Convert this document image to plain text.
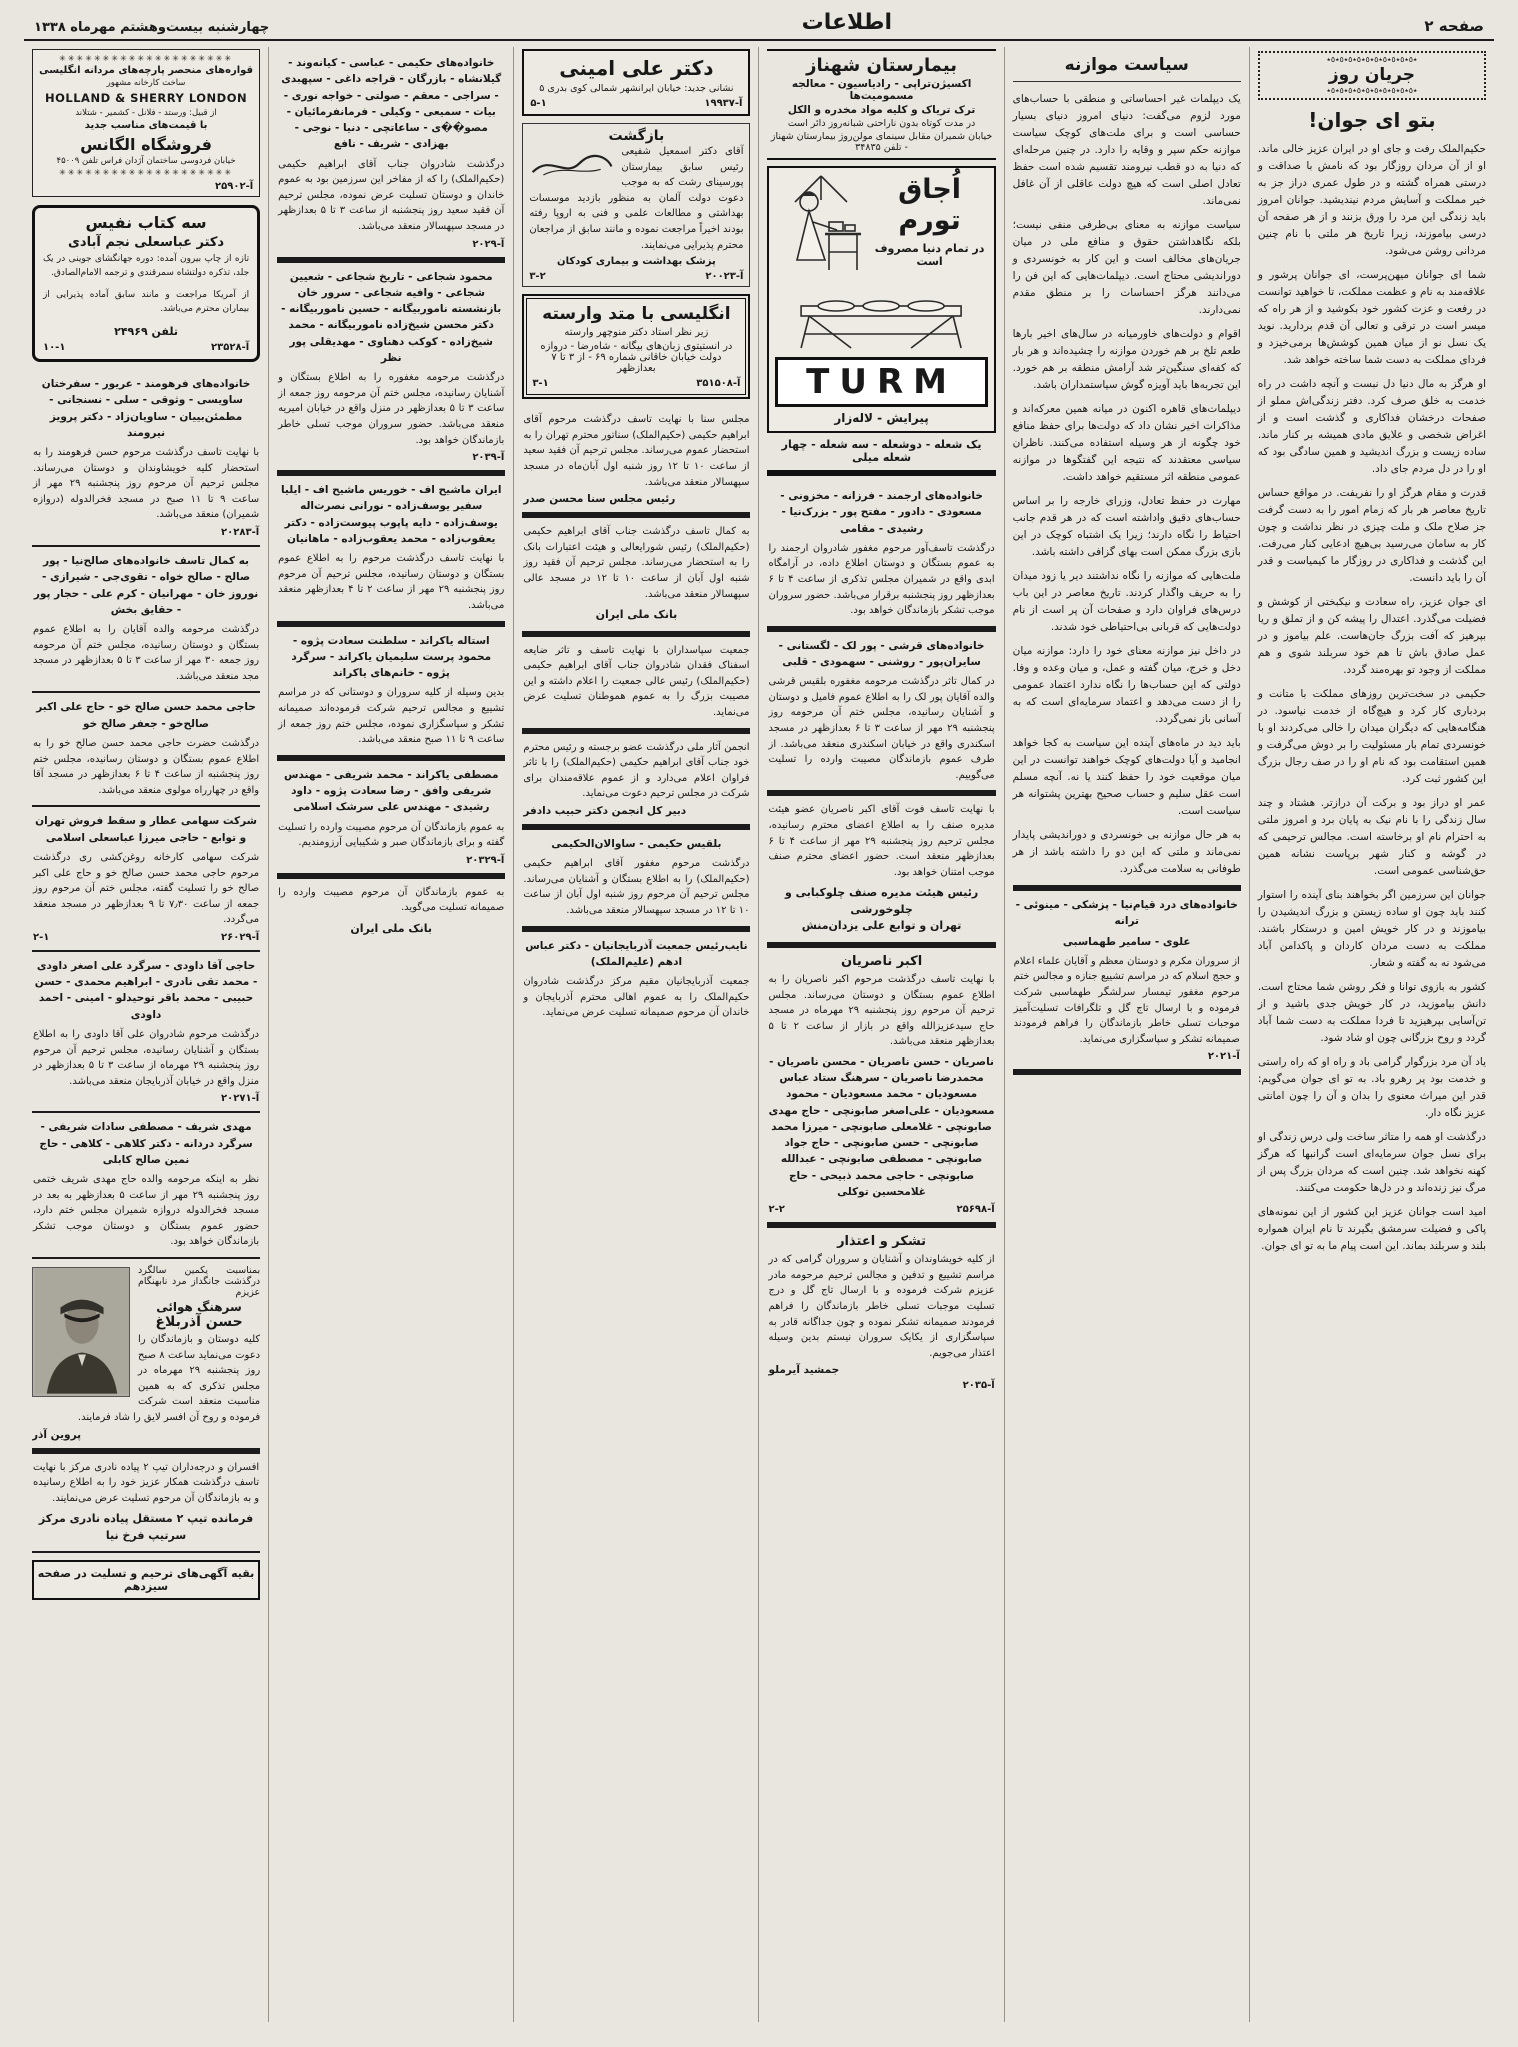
صفحه ۲
اطلاعات
چهارشنبه بیست‌وهشتم مهرماه ۱۳۳۸
٭٥٭٥٭٥٭٥٭٥٭٥٭٥٭٥٭٥٭٥٭
جریان روز
٭٥٭٥٭٥٭٥٭٥٭٥٭٥٭٥٭٥٭٥٭
بتو ای جوان!

حکیم‌الملک رفت و جای او در ایران عزیز خالی ماند. او از آن مردان روزگار بود که نامش با صداقت و درستی همراه گشته و در طول عمری دراز جز به خیر مملکت و آسایش مردم نیندیشید. جوانان امروز باید زندگی این مرد را ورق بزنند و از هر صفحه آن درسی بیاموزند، زیرا تاریخ هر ملتی با نام چنین مردانی روشن می‌شود.

شما ای جوانان میهن‌پرست، ای جوانان پرشور و علاقه‌مند به نام و عظمت مملکت، تا خواهید توانست در رفعت و عزت کشور خود بکوشید و از هر راه که میسر است در ترقی و تعالی آن قدم بردارید. نوید یک نسل نو از میان همین کوشش‌ها برمی‌خیزد و فردای مملکت به دست شما ساخته خواهد شد.

او هرگز به مال دنیا دل نبست و آنچه داشت در راه خدمت به خلق صرف کرد. دفتر زندگی‌اش مملو از صفحات درخشان فداکاری و گذشت است و از اغراض شخصی و علایق مادی همیشه بر کنار ماند. ساده زیست و بزرگ اندیشید و همین سادگی بود که او را در دل مردم جای داد.

قدرت و مقام هرگز او را نفریفت. در مواقع حساس تاریخ معاصر هر بار که زمام امور را به دست گرفت جز صلاح ملک و ملت چیزی در نظر نداشت و چون کار به سامان می‌رسید بی‌هیچ ادعایی کنار می‌رفت. این گذشت و فداکاری در روزگار ما کیمیاست و قدر آن را باید دانست.

ای جوان عزیز، راه سعادت و نیکبختی از کوشش و فضیلت می‌گذرد. اعتدال را پیشه کن و از تملق و ریا بپرهیز که آفت بزرگ جان‌هاست. علم بیاموز و در عمل صادق باش تا هم خود سربلند شوی و هم مملکت از وجود تو بهره‌مند گردد.

حکیمی در سخت‌ترین روزهای مملکت با متانت و بردباری کار کرد و هیچ‌گاه از خدمت نیاسود. در هنگامه‌هایی که دیگران میدان را خالی می‌کردند او با خونسردی تمام بار مسئولیت را بر دوش می‌گرفت و همین استقامت بود که نام او را در صف رجال بزرگ این کشور ثبت کرد.

عمر او دراز بود و برکت آن درازتر. هشتاد و چند سال زندگی را با نام نیک به پایان برد و امروز ملتی به احترام نام او برخاسته است. مجالس ترحیمی که در گوشه و کنار شهر برپاست نشانه همین حق‌شناسی عمومی است.

جوانان این سرزمین اگر بخواهند بنای آینده را استوار کنند باید چون او ساده زیستن و بزرگ اندیشیدن را بیاموزند و در کار خویش امین و درستکار باشند. مملکت به دست مردان کاردان و پاکدامن آباد می‌شود نه به گفته و شعار.

کشور به بازوی توانا و فکر روشن شما محتاج است. دانش بیاموزید، در کار خویش جدی باشید و از تن‌آسایی بپرهیزید تا فردا مملکت به دست شما آباد گردد و روح بزرگانی چون او شاد شود.

یاد آن مرد بزرگوار گرامی باد و راه او که راه راستی و خدمت بود پر رهرو باد. به تو ای جوان می‌گویم: قدر این میراث معنوی را بدان و آن را چون امانتی عزیز نگاه دار.

درگذشت او همه را متاثر ساخت ولی درس زندگی او برای نسل جوان سرمایه‌ای است گرانبها که هرگز کهنه نخواهد شد. چنین است که مردان بزرگ پس از مرگ نیز زنده‌اند و در دل‌ها حکومت می‌کنند.

امید است جوانان عزیز این کشور از این نمونه‌های پاکی و فضیلت سرمشق بگیرند تا نام ایران همواره بلند و سربلند بماند. این است پیام ما به تو ای جوان.

سیاست موازنه

یک دیپلمات غیر احساساتی و منطقی با حساب‌های مورد لزوم می‌گفت: دنیای امروز دنیای بسیار حساسی است و برای ملت‌های کوچک سیاست موازنه حکم سپر و وقایه را دارد. در چنین مرحله‌ای که دنیا به دو قطب نیرومند تقسیم شده است حفظ تعادل اصلی است که هیچ دولت عاقلی از آن غافل نمی‌ماند.

سیاست موازنه به معنای بی‌طرفی منفی نیست؛ بلکه نگاهداشتن حقوق و منافع ملی در میان جریان‌های مخالف است و این کار به خونسردی و دوراندیشی محتاج است. دیپلمات‌هایی که این فن را می‌دانند هرگز احساسات را بر منطق مقدم نمی‌دارند.

اقوام و دولت‌های خاورمیانه در سال‌های اخیر بارها طعم تلخ بر هم خوردن موازنه را چشیده‌اند و هر بار که کفه‌ای سنگین‌تر شد آرامش منطقه بر هم خورد. این تجربه‌ها باید آویزه گوش سیاستمداران باشد.

دیپلمات‌های قاهره اکنون در میانه همین معرکه‌اند و مذاکرات اخیر نشان داد که دولت‌ها برای حفظ منافع خود چگونه از هر وسیله استفاده می‌کنند. ناظران سیاسی معتقدند که نتیجه این گفتگوها در موازنه عمومی منطقه اثر مستقیم خواهد داشت.

مهارت در حفظ تعادل، وزرای خارجه را بر اساس حساب‌های دقیق واداشته است که در هر قدم جانب احتیاط را نگاه دارند؛ زیرا یک اشتباه کوچک در این بازی بزرگ ممکن است بهای گزافی داشته باشد.

ملت‌هایی که موازنه را نگاه نداشتند دیر یا زود میدان را به حریف واگذار کردند. تاریخ معاصر در این باب درس‌های فراوان دارد و صفحات آن پر است از نام دولت‌هایی که قربانی بی‌احتیاطی خود شدند.

در داخل نیز موازنه معنای خود را دارد: موازنه میان دخل و خرج، میان گفته و عمل، و میان وعده و وفا. دولتی که این حساب‌ها را نگاه ندارد اعتماد عمومی را از دست می‌دهد و اعتماد سرمایه‌ای است که به آسانی باز نمی‌گردد.

باید دید در ماه‌های آینده این سیاست به کجا خواهد انجامید و آیا دولت‌های کوچک خواهند توانست در این میان موقعیت خود را حفظ کنند یا نه. آنچه مسلم است عقل سلیم و حساب صحیح بهترین پشتوانه هر سیاست است.

به هر حال موازنه بی خونسردی و دوراندیشی پایدار نمی‌ماند و ملتی که این دو را داشته باشد از هر طوفانی به سلامت می‌گذرد.

خانواده‌های درد قیام‌نیا - پزشکی - مینوئی - ترانه
علوی - سامیر طهماسبی

از سروران مکرم و دوستان معظم و آقایان علماء اعلام و حجج اسلام که در مراسم تشییع جنازه و مجالس ختم مرحوم مغفور تیمسار سرلشگر طهماسبی شرکت فرموده و با ارسال تاج گل و تلگرافات تسلیت‌آمیز موجبات تسلی خاطر بازماندگان را فراهم فرمودند صمیمانه تشکر و سپاسگزاری می‌نماید.

آ-۲۰۲۱
بیمارستان شهناز
اکسیژن‌تراپی - رادیاسیون - معالجه مسمومیت‌ها
ترک تریاک و کلیه مواد مخدره و الکل
در مدت کوتاه بدون ناراحتی شبانه‌روز دائر است
خیابان شمیران مقابل سینمای مولن‌روژ بیمارستان شهناز - تلفن ۳۴۸۳۵
اُجاق تورم
در تمام دنیا مصروف است
TURM
پیرایش - لاله‌زار
یک شعله - دوشعله - سه شعله - چهار شعله میلی
خانواده‌های ارجمند - فرزانه - مخزونی - مسعودی - دادور - مفتح پور - بزرک‌نیا - رشیدی - مقامی

درگذشت تاسف‌آور مرحوم مغفور شادروان ارجمند را به عموم بستگان و دوستان اطلاع داده، در آرامگاه ابدی واقع در شمیران مجلس تذکری از ساعت ۴ تا ۶ بعدازظهر روز پنجشنبه برقرار می‌باشد. حضور سروران موجب تشکر بازماندگان خواهد بود.

خانواده‌های قرشی - پور لک - لگستانی - سایران‌پور - روشنی - سهمودی - قلبی

در کمال تاثر درگذشت مرحومه مغفوره بلقیس قرشی والده آقایان پور لک را به اطلاع عموم فامیل و دوستان و آشنایان رسانیده، مجلس ختم آن مرحومه روز پنجشنبه ۲۹ مهر از ساعت ۳ تا ۶ بعدازظهر در مسجد اسکندری واقع در خیابان اسکندری منعقد می‌باشد. از طرف عموم بازماندگان مصیبت وارده را تسلیت می‌گوییم.

با نهایت تاسف فوت آقای اکبر ناصریان عضو هیئت مدیره صنف را به اطلاع اعضای محترم رسانیده، مجلس ترحیم روز پنجشنبه ۲۹ مهر از ساعت ۴ تا ۶ بعدازظهر منعقد است. حضور اعضای محترم صنف موجب امتنان خواهد بود.

رئیس هیئت مدیره صنف چلوکبابی و چلوخورشی
تهران و توابع علی یزدان‌منش
اکبر ناصریان

با نهایت تاسف درگذشت مرحوم اکبر ناصریان را به اطلاع عموم بستگان و دوستان می‌رساند. مجلس ترحیم آن مرحوم روز پنجشنبه ۲۹ مهرماه در مسجد حاج سیدعزیزالله واقع در بازار از ساعت ۲ تا ۵ بعدازظهر منعقد می‌باشد.

ناصریان - حسن ناصریان - محسن ناصریان - محمدرضا ناصریان - سرهنگ ستاد عباس مسعودیان - محمد مسعودیان - محمود مسعودیان - علی‌اصغر صابونچی - حاج مهدی صابونچی - غلامعلی صابونچی - میرزا محمد صابونچی - حسن صابونچی - حاج جواد صابونچی - مصطفی صابونچی - عبدالله صابونچی - حاجی محمد ذبیحی - حاج غلامحسین توکلی
آ-۲۵۶۹۸
۲-۲
تشکر و اعتذار

از کلیه خویشاوندان و آشنایان و سروران گرامی که در مراسم تشییع و تدفین و مجالس ترحیم مرحومه مادر عزیزم شرکت فرموده و با ارسال تاج گل و درج تسلیت موجبات تسلی خاطر بازماندگان را فراهم فرمودند صمیمانه تشکر نموده و چون جداگانه قادر به سپاسگزاری از یکایک سروران نیستم بدین وسیله اعتذار می‌جویم.

جمشید آیرملو
آ-۲۰۳۵
دکتر علی امینی
نشانی جدید: خیابان ایرانشهر شمالی کوی بدری ۵
آ-۱۹۹۳۷
۵-۱
بازگشت

آقای دکتر اسمعیل شفیعی رئیس سابق بیمارستان پورسینای رشت که به موجب دعوت دولت آلمان به منظور بازدید موسسات بهداشتی و مطالعات علمی و فنی به اروپا رفته بودند اخیراً مراجعت نموده و مانند سابق از مراجعان محترم پذیرایی می‌نمایند.

پزشک بهداشت و بیماری کودکان
آ-۲۰۰۲۳
۳-۲
انگلیسی با متد وارسته
زیر نظر استاد دکتر منوچهر وارسته
در انستیتوی زبان‌های بیگانه - شاه‌رضا - دروازه دولت خیابان خاقانی شماره ۶۹ - از ۳ تا ۷ بعدازظهر
آ-۳۵۱۵۰۸
۳-۱

مجلس سنا با نهایت تاسف درگذشت مرحوم آقای ابراهیم حکیمی (حکیم‌الملک) سناتور محترم تهران را به استحضار عموم می‌رساند. مجلس ترحیم آن فقید سعید از ساعت ۱۰ تا ۱۲ روز شنبه اول آبان‌ماه در مسجد سپهسالار منعقد می‌باشد.

رئیس مجلس سنا محسن صدر

به کمال تاسف درگذشت جناب آقای ابراهیم حکیمی (حکیم‌الملک) رئیس شورایعالی و هیئت اعتبارات بانک را به استحضار می‌رساند. مجلس ترحیم آن فقید روز شنبه اول آبان از ساعت ۱۰ تا ۱۲ در مسجد عالی سپهسالار منعقد می‌باشد.

بانک ملی ایران

جمعیت سپاسداران با نهایت تاسف و تاثر ضایعه اسفناک فقدان شادروان جناب آقای ابراهیم حکیمی (حکیم‌الملک) رئیس عالی جمعیت را اعلام داشته و این مصیبت بزرگ را به عموم هموطنان تسلیت عرض می‌نماید.

انجمن آثار ملی درگذشت عضو برجسته و رئیس محترم خود جناب آقای ابراهیم حکیمی (حکیم‌الملک) را با تاثر فراوان اعلام می‌دارد و از عموم علاقه‌مندان برای شرکت در مجلس ترحیم دعوت می‌نماید.

دبیر کل انجمن دکتر حبیب دادفر
بلقیس حکیمی - ساوالان‌الحکیمی

درگذشت مرحوم مغفور آقای ابراهیم حکیمی (حکیم‌الملک) را به اطلاع بستگان و آشنایان می‌رساند. مجلس ترحیم آن مرحوم روز شنبه اول آبان از ساعت ۱۰ تا ۱۲ در مسجد سپهسالار منعقد می‌باشد.

نایب‌رئیس جمعیت آذربایجانیان - دکتر عباس ادهم (علیم‌الملک)

جمعیت آذربایجانیان مقیم مرکز درگذشت شادروان حکیم‌الملک را به عموم اهالی محترم آذربایجان و خاندان آن مرحوم صمیمانه تسلیت عرض می‌نماید.

خانواده‌های حکیمی - عباسی - کیانه‌وند - گیلانشاه - بازرگان - قراجه داغی - سپهبدی - سراجی - معقم - صولتی - خواجه نوری - بیات - سمیعی - وکیلی - فرمانفرمائیان - مصو��ی - ساعاتچی - دنیا - نوجی - بهزادی - شریف - نافع

درگذشت شادروان جناب آقای ابراهیم حکیمی (حکیم‌الملک) را که از مفاخر این سرزمین بود به عموم خاندان و دوستان تسلیت عرض نموده، مجلس ترحیم آن فقید سعید روز پنجشنبه از ساعت ۳ تا ۵ بعدازظهر در مسجد سپهسالار منعقد می‌باشد.

آ-۲۰۲۹
محمود شجاعی - تاریخ شجاعی - شعیین شجاعی - وافیه شجاعی - سرور خان بازنشسته ناموربیگانه - حسین ناموربیگانه - دکتر محسن شیخ‌زاده ناموربیگانه - محمد شیخ‌زاده - کوکب دهناوی - مهدیقلی پور نظر

درگذشت مرحومه مغفوره را به اطلاع بستگان و آشنایان رسانیده، مجلس ختم آن مرحومه روز جمعه از ساعت ۳ تا ۵ بعدازظهر در منزل واقع در خیابان امیریه منعقد می‌باشد. حضور سروران موجب تسلی خاطر بازماندگان خواهد بود.

آ-۲۰۳۹
ایران ماشیح اف - خوریس ماشیح اف - ایلیا سفیر یوسف‌زاده - نورانی نصرت‌اله یوسف‌زاده - دایه پاپوب پیوست‌زاده - دکتر یعقوب‌زاده - محمد یعقوب‌زاده - ماهانیان

با نهایت تاسف درگذشت مرحوم را به اطلاع عموم بستگان و دوستان رسانیده، مجلس ترحیم آن مرحوم روز پنجشنبه ۲۹ مهر از ساعت ۲ تا ۴ بعدازظهر منعقد می‌باشد.

استاله یاکراند - سلطنت سعادت پژوه - محمود پرست سلیمیان یاکراند - سرگرد پژوه - خانم‌های یاکراند

بدین وسیله از کلیه سروران و دوستانی که در مراسم تشییع و مجالس ترحیم شرکت فرموده‌اند صمیمانه تشکر و سپاسگزاری نموده، مجلس ختم روز جمعه از ساعت ۹ تا ۱۱ صبح منعقد می‌باشد.

مصطفی یاکراند - محمد شریفی - مهندس شریفی وافق - رضا سعادت پژوه - داود رشیدی - مهندس علی سرشک اسلامی

به عموم بازماندگان آن مرحوم مصیبت وارده را تسلیت گفته و برای بازماندگان صبر و شکیبایی آرزومندیم.

آ-۲۰۳۲۹

به عموم بازماندگان آن مرحوم مصیبت وارده را صمیمانه تسلیت می‌گوید.

بانک ملی ایران
✳✳✳✳✳✳✳✳✳✳✳✳✳✳✳✳✳✳✳✳
قواره‌های منحصر پارچه‌های مردانه انگلیسی
ساخت کارخانه مشهور
HOLLAND & SHERRY LONDON
از قبیل: ورستد - فلانل - کشمیر - شتلاند
با قیمت‌های مناسب جدید
فروشگاه الگانس
خیابان فردوسی ساختمان آژدان فراس تلفن ۴۵۰۰۹
✳✳✳✳✳✳✳✳✳✳✳✳✳✳✳✳✳✳✳✳
آ-۲۵۹۰۲
سه کتاب نفیس
دکتر عباسعلی نجم آبادی

تازه از چاپ بیرون آمده: دوره جهانگشای جوینی در یک جلد، تذکره دولتشاه سمرقندی و ترجمه الامام‌الصادق.

از آمریکا مراجعت و مانند سابق آماده پذیرایی از بیماران محترم می‌باشد.

تلفن ۲۴۹۶۹
آ-۲۳۵۲۸
۱۰-۱
خانواده‌های فرهومند - عریور - سفرختان ساویسی - وثوقی - سلی - نسنجانی - مطمئن‌بییان - ساویان‌زاد - دکتر پرویز نیرومند

با نهایت تاسف درگذشت مرحوم حسن فرهومند را به استحضار کلیه خویشاوندان و دوستان می‌رساند. مجلس ترحیم آن مرحوم روز پنجشنبه ۲۹ مهر از ساعت ۹ تا ۱۱ صبح در مسجد فخرالدوله (دروازه شمیران) منعقد می‌باشد.

آ-۲۰۲۸۳
به کمال تاسف خانواده‌های صالح‌نیا - پور صالح - صالح خواه - تقوی‌جی - شیرازی - نوروز خان - مهرانیان - کرم علی - حجار پور - حقایق بخش

درگذشت مرحومه والده آقایان را به اطلاع عموم بستگان و دوستان رسانیده، مجلس ختم آن مرحومه روز جمعه ۳۰ مهر از ساعت ۳ تا ۵ بعدازظهر در مسجد مجد منعقد می‌باشد.

حاجی محمد حسن صالح خو - حاج علی اکبر صالح‌خو - جعفر صالح خو

درگذشت حضرت حاجی محمد حسن صالح خو را به اطلاع عموم بستگان و دوستان رسانیده، مجلس ختم روز پنجشنبه از ساعت ۴ تا ۶ بعدازظهر در مسجد آقا واقع در چهارراه مولوی منعقد می‌باشد.

شرکت سهامی عطار و سقط فروش تهران و توابع - حاجی میرزا عباسعلی اسلامی

شرکت سهامی کارخانه روغن‌کشی ری درگذشت مرحوم حاجی محمد حسن صالح خو و حاج علی اکبر صالح خو را تسلیت گفته، مجلس ختم آن مرحوم روز جمعه از ساعت ۷٫۳۰ تا ۹ بعدازظهر در مسجد منعقد می‌گردد.

آ-۲۶۰۲۹
۲-۱
حاجی آقا داودی - سرگرد علی اصغر داودی - محمد تقی نادری - ابراهیم محمدی - حسن حبیبی - محمد باقر توحیدلو - امینی - احمد داودی

درگذشت مرحوم شادروان علی آقا داودی را به اطلاع بستگان و آشنایان رسانیده، مجلس ترحیم آن مرحوم روز پنجشنبه ۲۹ مهرماه از ساعت ۳ تا ۵ بعدازظهر در منزل واقع در خیابان آذربایجان منعقد می‌باشد.

آ-۲۰۲۷۱
مهدی شریف - مصطفی سادات شریفی - سرگرد دردانه - دکتر کلاهی - کلاهی - حاج نمین صالح کابلی

نظر به اینکه مرحومه والده حاج مهدی شریف ختمی روز پنجشنبه ۲۹ مهر از ساعت ۵ بعدازظهر به بعد در مسجد فخرالدوله دروازه شمیران مجلس ختم دارد، حضور عموم بستگان و دوستان موجب تشکر بازماندگان خواهد بود.

بمناسبت یکمین سالگرد درگذشت جانگداز مرد نابهنگام عزیزم

سرهنگ هوائی
حسن آذربلاغ

کلیه دوستان و بازماندگان را دعوت می‌نماید ساعت ۸ صبح روز پنجشنبه ۲۹ مهرماه در مجلس تذکری که به همین مناسبت منعقد است شرکت فرموده و روح آن افسر لایق را شاد فرمایند.

پروین آذر

افسران و درجه‌داران تیپ ۲ پیاده نادری مرکز با نهایت تاسف درگذشت همکار عزیز خود را به اطلاع رسانیده و به بازماندگان آن مرحوم تسلیت عرض می‌نمایند.

فرمانده تیپ ۲ مستقل پیاده نادری مرکز سرتیپ فرخ نیا
بقیه آگهی‌های ترحیم و تسلیت در صفحه سیزدهم
